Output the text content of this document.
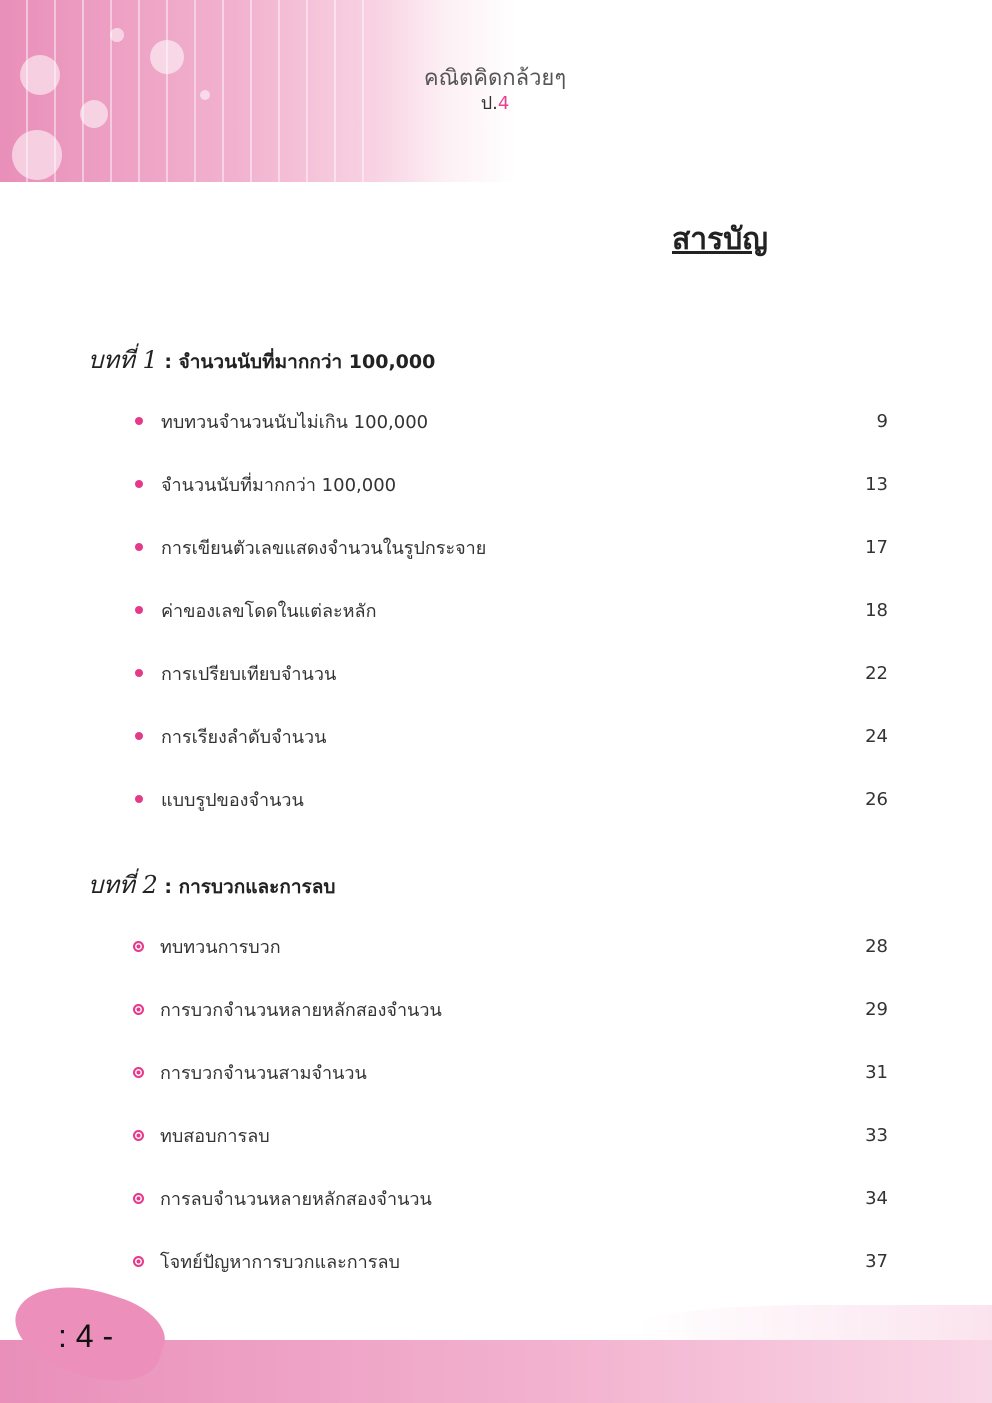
คณิตคิดกล้วยๆ
ป.4
สารบัญ
บทที่ 1 : จำนวนนับที่มากกว่า 100,000
ทบทวนจำนวนนับไม่เกิน 100,000	9
จำนวนนับที่มากกว่า 100,000	13
การเขียนตัวเลขแสดงจำนวนในรูปกระจาย	17
ค่าของเลขโดดในแต่ละหลัก	18
การเปรียบเทียบจำนวน	22
การเรียงลำดับจำนวน	24
แบบรูปของจำนวน	26
บทที่ 2 : การบวกและการลบ
ทบทวนการบวก	28
การบวกจำนวนหลายหลักสองจำนวน	29
การบวกจำนวนสามจำนวน	31
ทบสอบการลบ	33
การลบจำนวนหลายหลักสองจำนวน	34
โจทย์ปัญหาการบวกและการลบ	37
: 4 -
